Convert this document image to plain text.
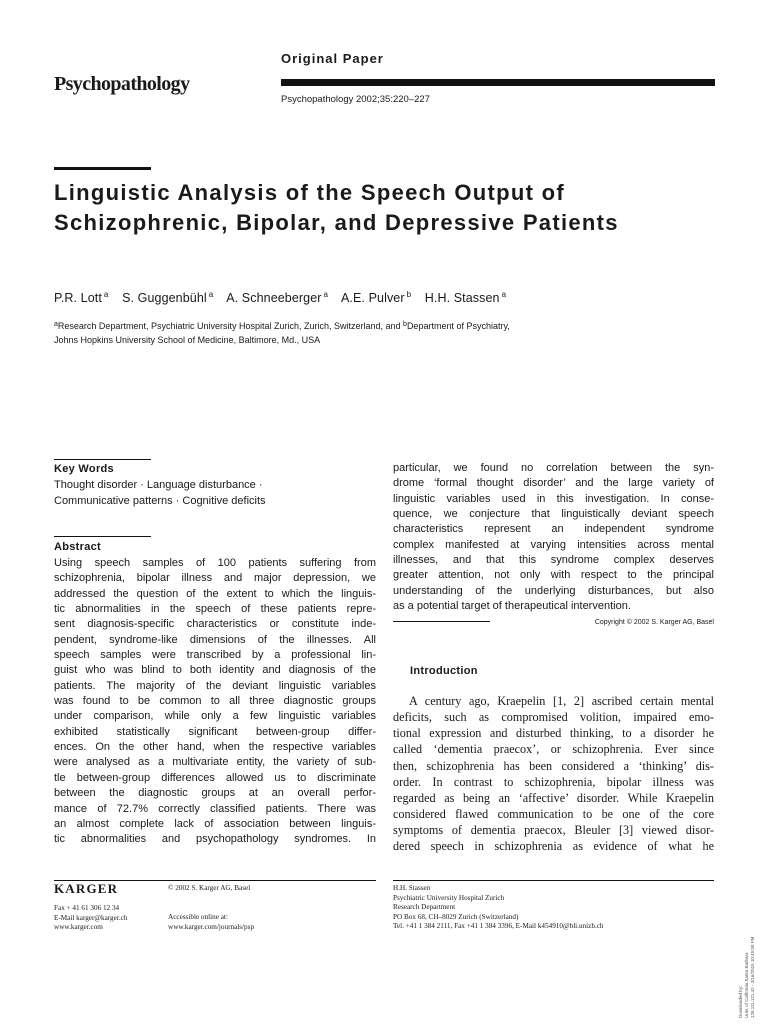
Original Paper
Psychopathology
Psychopathology 2002;35:220–227
Linguistic Analysis of the Speech Output of Schizophrenic, Bipolar, and Depressive Patients
P.R. Lott $^a$ S. Guggenbühl $^a$ A. Schneeberger $^a$ A.E. Pulver $^b$ H.H. Stassen $^a$
$^a$Research Department, Psychiatric University Hospital Zurich, Zurich, Switzerland, and $^b$Department of Psychiatry,
Johns Hopkins University School of Medicine, Baltimore, Md., USA
Key Words
Thought disorder · Language disturbance ·
Communicative patterns · Cognitive deficits
Abstract
Using speech samples of 100 patients suffering from
schizophrenia, bipolar illness and major depression, we
addressed the question of the extent to which the linguis-
tic abnormalities in the speech of these patients repre-
sent diagnosis-specific characteristics or constitute inde-
pendent, syndrome-like dimensions of the illnesses. All
speech samples were transcribed by a professional lin-
guist who was blind to both identity and diagnosis of the
patients. The majority of the deviant linguistic variables
was found to be common to all three diagnostic groups
under comparison, while only a few linguistic variables
exhibited statistically significant between-group differ-
ences. On the other hand, when the respective variables
were analysed as a multivariate entity, the variety of sub-
tle between-group differences allowed us to discriminate
between the diagnostic groups at an overall perfor-
mance of 72.7% correctly classified patients. There was
an almost complete lack of association between linguis-
tic abnormalities and psychopathology syndromes. In
particular, we found no correlation between the syn-
drome ‘formal thought disorder’ and the large variety of
linguistic variables used in this investigation. In conse-
quence, we conjecture that linguistically deviant speech
characteristics represent an independent syndrome
complex manifested at varying intensities across mental
illnesses, and that this syndrome complex deserves
greater attention, not only with respect to the principal
understanding of the underlying disturbances, but also
as a potential target of therapeutical intervention.
Copyright © 2002 S. Karger AG, Basel
Introduction
A century ago, Kraepelin [1, 2] ascribed certain mental
deficits, such as compromised volition, impaired emo-
tional expression and disturbed thinking, to a disorder he
called ‘dementia praecox’, or schizophrenia. Ever since
then, schizophrenia has been considered a ‘thinking’ dis-
order. In contrast to schizophrenia, bipolar illness was
regarded as being an ‘affective’ disorder. While Kraepelin
considered flawed communication to be one of the core
symptoms of dementia praecox, Bleuler [3] viewed disor-
dered speech in schizophrenia as evidence of what he
KARGER	© 2002 S. Karger AG, Basel
Fax + 41 61 306 12 34
E-Mail karger@karger.ch
www.karger.com
Accessible online at:
www.karger.com/journals/psp
H.H. Stassen
Psychiatric University Hospital Zurich
Research Department
PO Box 68, CH–8029 Zurich (Switzerland)
Tel. +41 1 384 2111, Fax +41 1 384 3396, E-Mail k454910@bli.unizh.ch
Downloaded by: Univ. of California Santa Barbara 128.111.121.42 - 3/16/2015 10:45:00 PM
